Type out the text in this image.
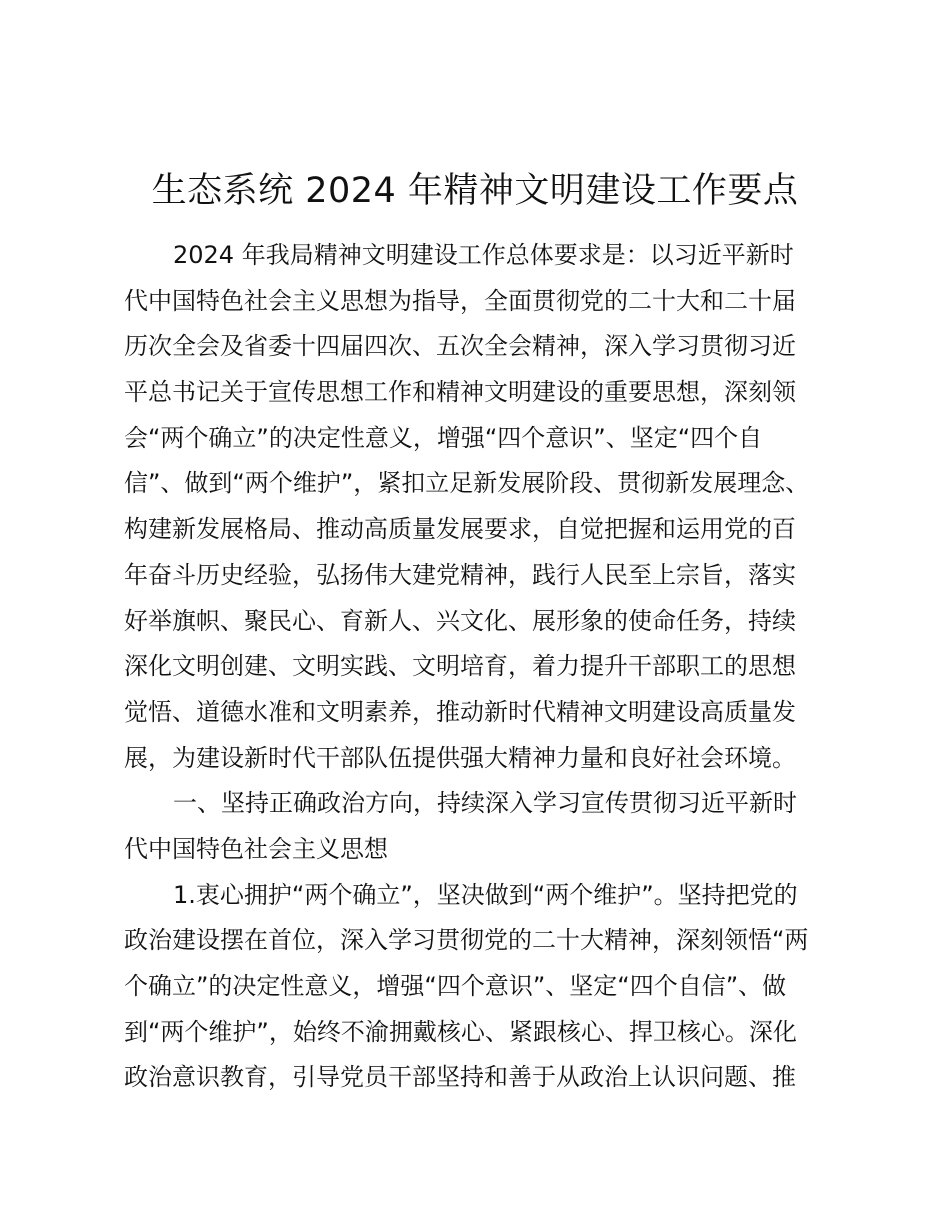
生态系统 2024 年精神文明建设工作要点
2024 年我局精神文明建设工作总体要求是：以习近平新时
代中国特色社会主义思想为指导，全面贯彻党的二十大和二十届
历次全会及省委十四届四次、五次全会精神，深入学习贯彻习近
平总书记关于宣传思想工作和精神文明建设的重要思想，深刻领
会“两个确立”的决定性意义，增强“四个意识”、坚定“四个自
信”、做到“两个维护”，紧扣立足新发展阶段、贯彻新发展理念、
构建新发展格局、推动高质量发展要求，自觉把握和运用党的百
年奋斗历史经验，弘扬伟大建党精神，践行人民至上宗旨，落实
好举旗帜、聚民心、育新人、兴文化、展形象的使命任务，持续
深化文明创建、文明实践、文明培育，着力提升干部职工的思想
觉悟、道德水准和文明素养，推动新时代精神文明建设高质量发
展，为建设新时代干部队伍提供强大精神力量和良好社会环境。
一、坚持正确政治方向，持续深入学习宣传贯彻习近平新时
代中国特色社会主义思想
1.衷心拥护“两个确立”，坚决做到“两个维护”。坚持把党的
政治建设摆在首位，深入学习贯彻党的二十大精神，深刻领悟“两
个确立”的决定性意义，增强“四个意识”、坚定“四个自信”、做
到“两个维护”，始终不渝拥戴核心、紧跟核心、捍卫核心。深化
政治意识教育，引导党员干部坚持和善于从政治上认识问题、推
